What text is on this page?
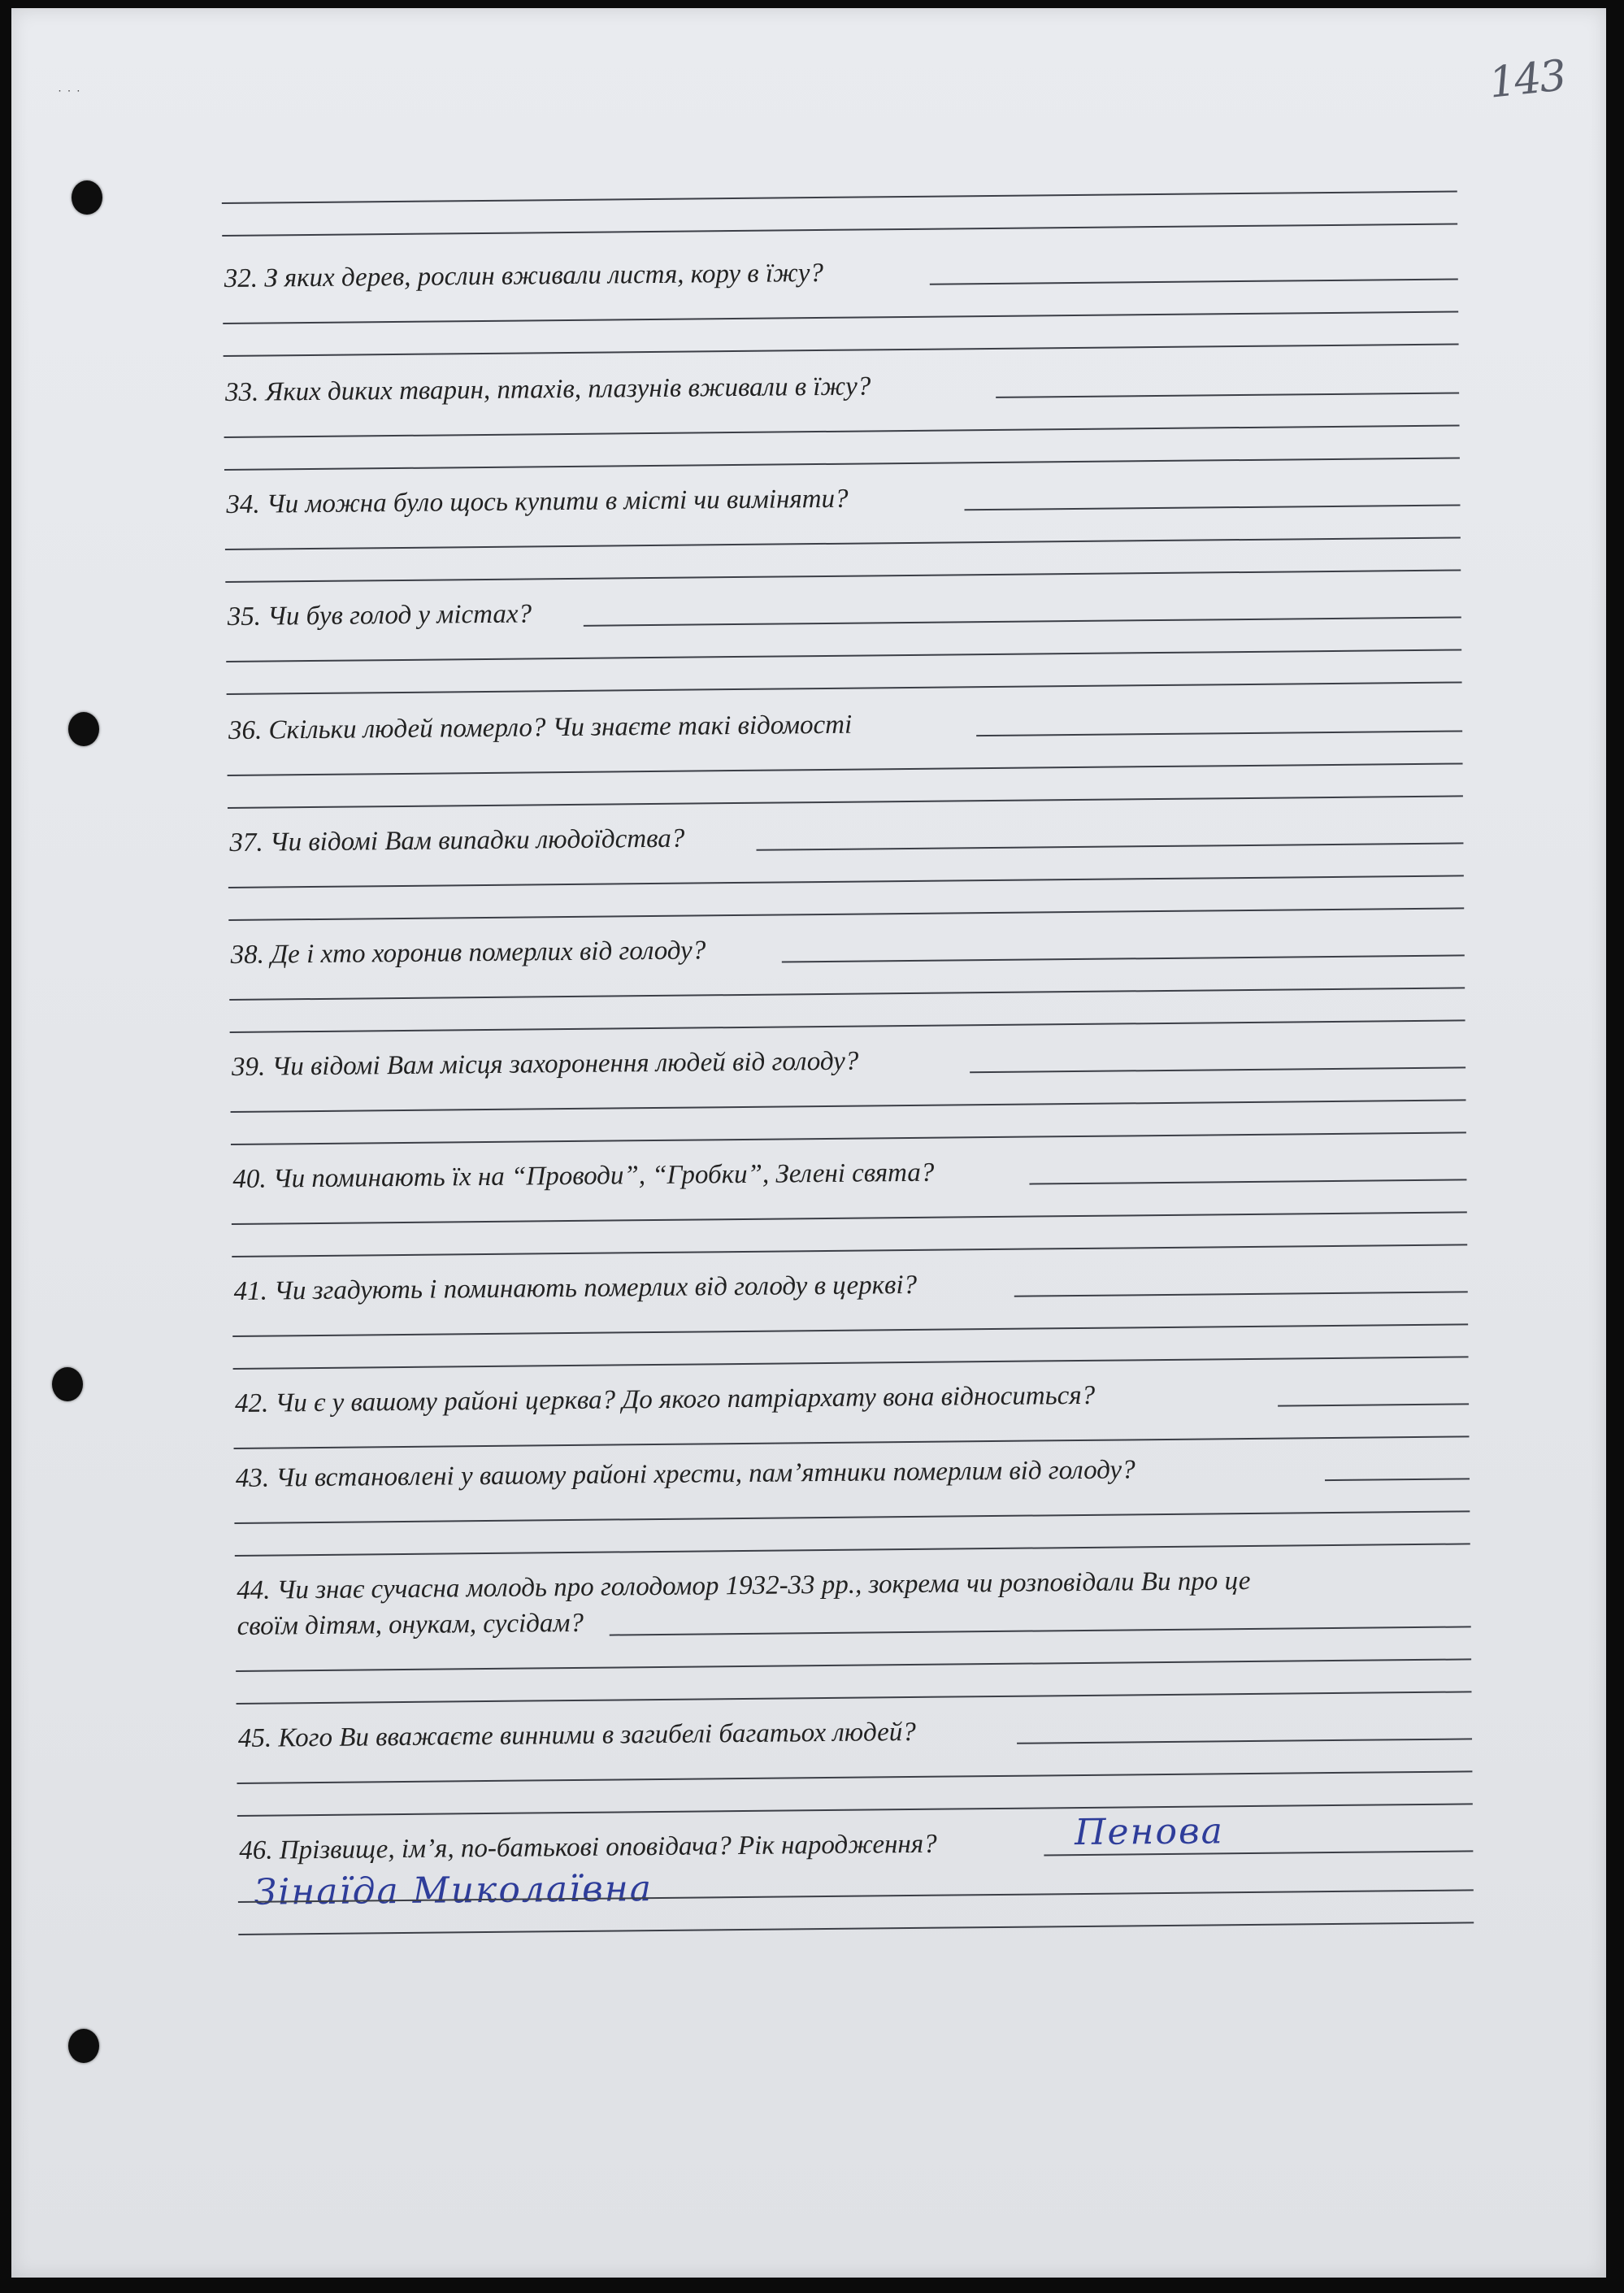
143
˙ ˙ ˙
32. З яких дерев, рослин вживали листя, кору в їжу?
33. Яких диких тварин, птахів, плазунів вживали в їжу?
34. Чи можна було щось купити в місті чи виміняти?
35. Чи був голод у містах?
36. Скільки людей померло? Чи знаєте такі відомості
37. Чи відомі Вам випадки людоїдства?
38. Де і хто хоронив померлих від голоду?
39. Чи відомі Вам місця захоронення людей від голоду?
40. Чи поминають їх на “Проводи”, “Гробки”, Зелені свята?
41. Чи згадують і поминають померлих від голоду в церкві?
42. Чи є у вашому районі церква? До якого патріархату вона відноситься?
43. Чи встановлені у вашому районі хрести, пам’ятники померлим від голоду?
44. Чи знає сучасна молодь про голодомор 1932-33 рр., зокрема чи розповідали Ви про це
своїм дітям, онукам, сусідам?
45. Кого Ви вважаєте винними в загибелі багатьох людей?
46. Прізвище, ім’я, по-батькові оповідача? Рік народження?	Пенова
Зінаїда Миколаївна
